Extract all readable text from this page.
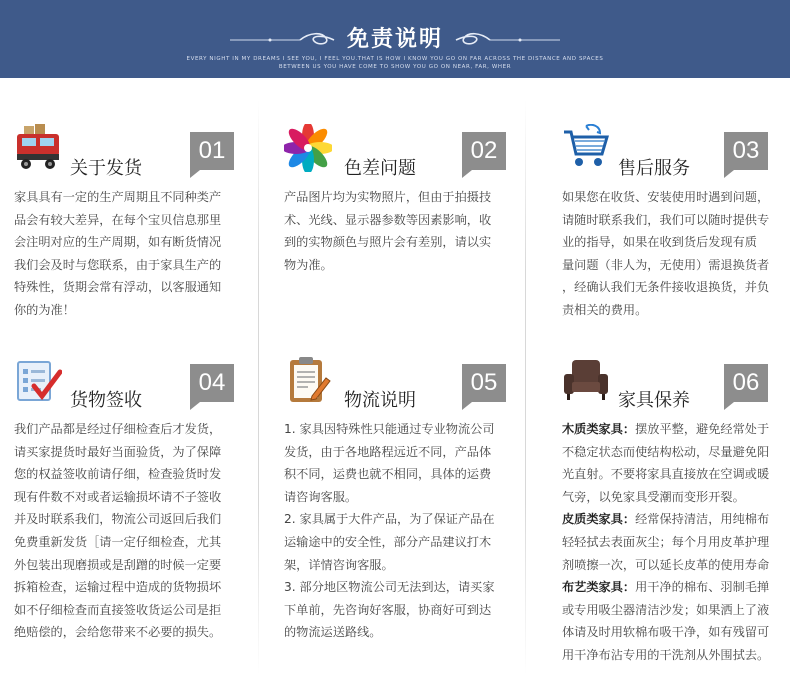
免责说明
EVERY NIGHT IN MY DREAMS I SEE YOU, I FEEL YOU.THAT IS HOW I KNOW YOU GO ON FAR ACROSS THE DISTANCE AND SPACES
BETWEEN US YOU HAVE COME TO SHOW YOU GO ON NEAR, FAR, WHER
关于发货
01

家具具有一定的生产周期且不同种类产

品会有较大差异，在每个宝贝信息那里

会注明对应的生产周期，如有断货情况

我们会及时与您联系，由于家具生产的

特殊性，货期会常有浮动，以客服通知

你的为准！

色差问题
02

产品图片均为实物照片，但由于拍摄技

术、光线、显示器参数等因素影响，收

到的实物颜色与照片会有差别，请以实

物为准。

售后服务
03

如果您在收货、安装使用时遇到问题，

请随时联系我们，我们可以随时提供专

业的指导，如果在收到货后发现有质

量问题（非人为，无使用）需退换货者

，经确认我们无条件接收退换货，并负

责相关的费用。

货物签收
04

我们产品都是经过仔细检查后才发货，

请买家提货时最好当面验货，为了保障

您的权益签收前请仔细，检查验货时发

现有件数不对或者运输损坏请不子签收

并及时联系我们，物流公司返回后我们

免费重新发货［请一定仔细检查，尤其

外包装出现磨损或是刮蹭的时候一定要

拆箱检查，运输过程中造成的货物损坏

如不仔细检查而直接签收货运公司是拒

绝赔偿的，会给您带来不必要的损失。

物流说明
05

1. 家具因特殊性只能通过专业物流公司

发货，由于各地路程远近不同，产品体

积不同，运费也就不相同，具体的运费

请咨询客服。

2. 家具属于大件产品，为了保证产品在

运输途中的安全性，部分产品建议打木

架，详情咨询客服。

3. 部分地区物流公司无法到达，请买家

下单前，先咨询好客服，协商好可到达

的物流运送路线。

家具保养
06

木质类家具：摆放平整，避免经常处于

不稳定状态而使结构松动，尽量避免阳

光直射。不要将家具直接放在空调或暖

气旁，以免家具受潮而变形开裂。

皮质类家具：经常保持清洁，用纯棉布

轻轻拭去表面灰尘；每个月用皮革护理

剂喷擦一次，可以延长皮革的使用寿命

布艺类家具：用干净的棉布、羽制毛掸

或专用吸尘器清洁沙发；如果洒上了液

体请及时用软棉布吸干净，如有残留可

用干净布沾专用的干洗剂从外围拭去。
